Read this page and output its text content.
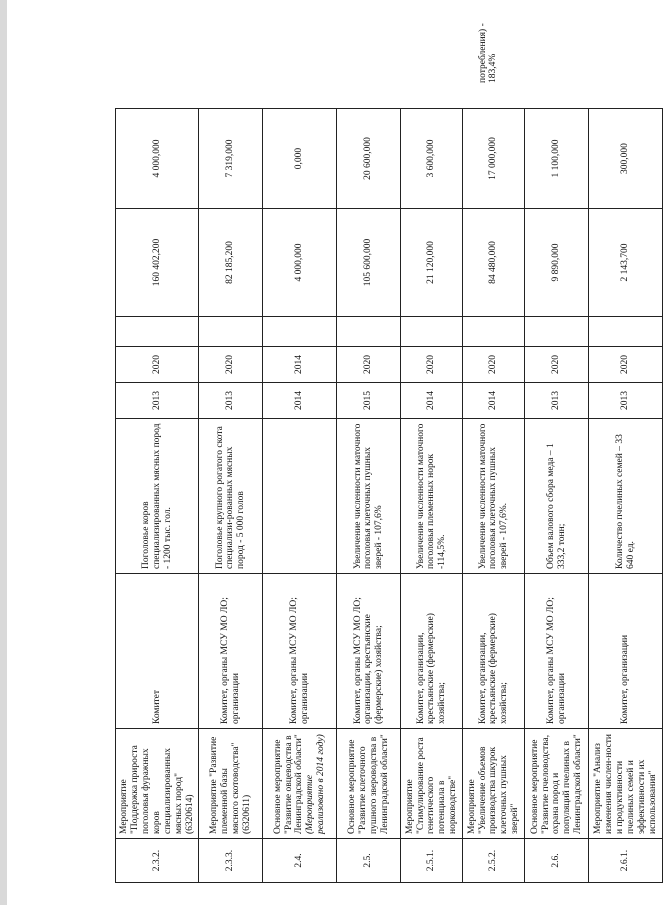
потребления) - 183,4%
2.3.2.	Мероприятие "Поддержка прироста поголовья фуражных коров специализированных мясных пород" (6320614)	Комитет	Поголовье коров специализированных мясных пород - 1200 тыс. гол.	2013	2020		160 402,200	4 000,000
2.3.3.	Мероприятие "Развитие племенной базы мясного скотоводства" (6320611)	Комитет, органы МСУ МО ЛО; организации	Поголовье крупного рогатого скота специализи-рованных мясных пород - 5 000 голов	2013	2020		82 185,200	7 319,000
2.4.	Основное мероприятие "Развитие овцеводства в Ленинградской области" (Мероприятие реализовано в 2014 году)	Комитет, органы МСУ МО ЛО; организации		2014	2014		4 000,000	0,000
2.5.	Основное мероприятие "Развитие клеточного пушного звероводства в Ленинградской области"	Комитет, органы МСУ МО ЛО; организации, крестьянские (фермерские) хозяйства;	Увеличение численности маточного поголовья клеточных пушных зверей - 107,6%	2015	2020		105 600,000	20 600,000
2.5.1.	Мероприятие "Стимулирование роста генетического потенциала в норководстве"	Комитет, организации, крестьянские (фермерские) хозяйства;	Увеличение численности маточного поголовья племенных норок -114,5%.	2014	2020		21 120,000	3 600,000
2.5.2.	Мероприятие "Увеличение объемов производства шкурок клеточных пушных зверей"	Комитет, организации, крестьянские (фермерские) хозяйства;	Увеличение численности маточного поголовья клеточных пушных зверей - 107,6%.	2014	2020		84 480,000	17 000,000
2.6.	Основное мероприятие "Развитие пчеловодства, охрана пород и популяций пчелиных в Ленинградской области"	Комитет, органы МСУ МО ЛО; организации	Объем валового сбора меда – 1 333,2 тонн;	2013	2020		9 890,000	1 100,000
2.6.1.	Мероприятие "Анализ изменения числен-ности и продуктивности пчелиных семей и эффективности их использования"	Комитет, организации	Количество пчелиных семей – 33 640 ед.	2013	2020		2 143,700	300,000
